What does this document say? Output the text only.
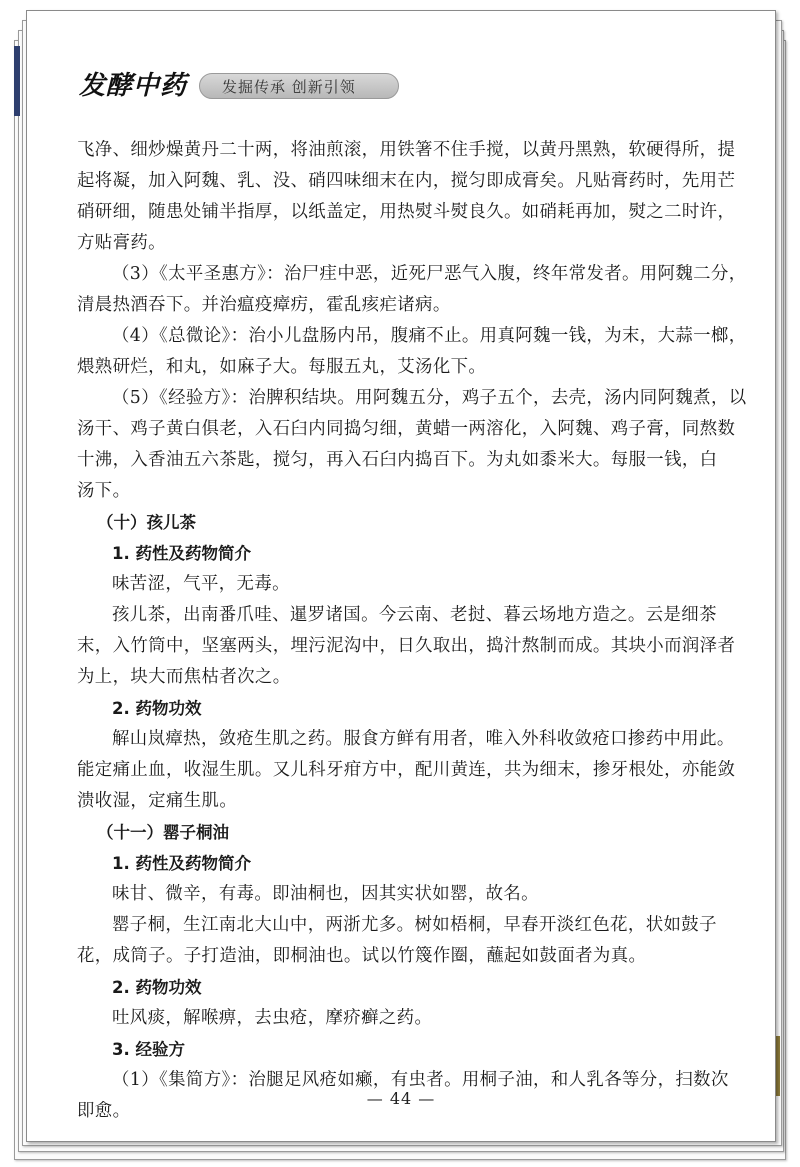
发酵中药	发掘传承 创新引领

飞净、细炒燥黄丹二十两，将油煎滚，用铁箸不住手搅，以黄丹黑熟，软硬得所，提

起将凝，加入阿魏、乳、没、硝四味细末在内，搅匀即成膏矣。凡贴膏药时，先用芒

硝研细，随患处铺半指厚，以纸盖定，用热熨斗熨良久。如硝耗再加，熨之二时许，

方贴膏药。

（3）《太平圣惠方》：治尸疰中恶，近死尸恶气入腹，终年常发者。用阿魏二分，

清晨热酒吞下。并治瘟疫瘴疠，霍乱痎疟诸病。

（4）《总微论》：治小儿盘肠内吊，腹痛不止。用真阿魏一钱，为末，大蒜一榔，

煨熟研烂，和丸，如麻子大。每服五丸，艾汤化下。

（5）《经验方》：治脾积结块。用阿魏五分，鸡子五个，去壳，汤内同阿魏煮，以

汤干、鸡子黄白俱老，入石臼内同捣匀细，黄蜡一两溶化，入阿魏、鸡子膏，同熬数

十沸，入香油五六茶匙，搅匀，再入石臼内捣百下。为丸如黍米大。每服一钱，白

汤下。

（十）孩儿茶
1. 药性及药物简介

味苦涩，气平，无毒。

孩儿茶，出南番爪哇、暹罗诸国。今云南、老挝、暮云场地方造之。云是细茶

末，入竹筒中，坚塞两头，埋污泥沟中，日久取出，捣汁熬制而成。其块小而润泽者

为上，块大而焦枯者次之。

2. 药物功效

解山岚瘴热，敛疮生肌之药。服食方鲜有用者，唯入外科收敛疮口掺药中用此。

能定痛止血，收湿生肌。又儿科牙疳方中，配川黄连，共为细末，掺牙根处，亦能敛

溃收湿，定痛生肌。

（十一）罂子桐油
1. 药性及药物简介

味甘、微辛，有毒。即油桐也，因其实状如罂，故名。

罂子桐，生江南北大山中，两浙尤多。树如梧桐，早春开淡红色花，状如鼓子

花，成筒子。子打造油，即桐油也。试以竹篾作圈，蘸起如鼓面者为真。

2. 药物功效

吐风痰，解喉痹，去虫疮，摩疥癣之药。

3. 经验方

（1）《集简方》：治腿足风疮如癞，有虫者。用桐子油，和人乳各等分，扫数次

即愈。

— 44 —
